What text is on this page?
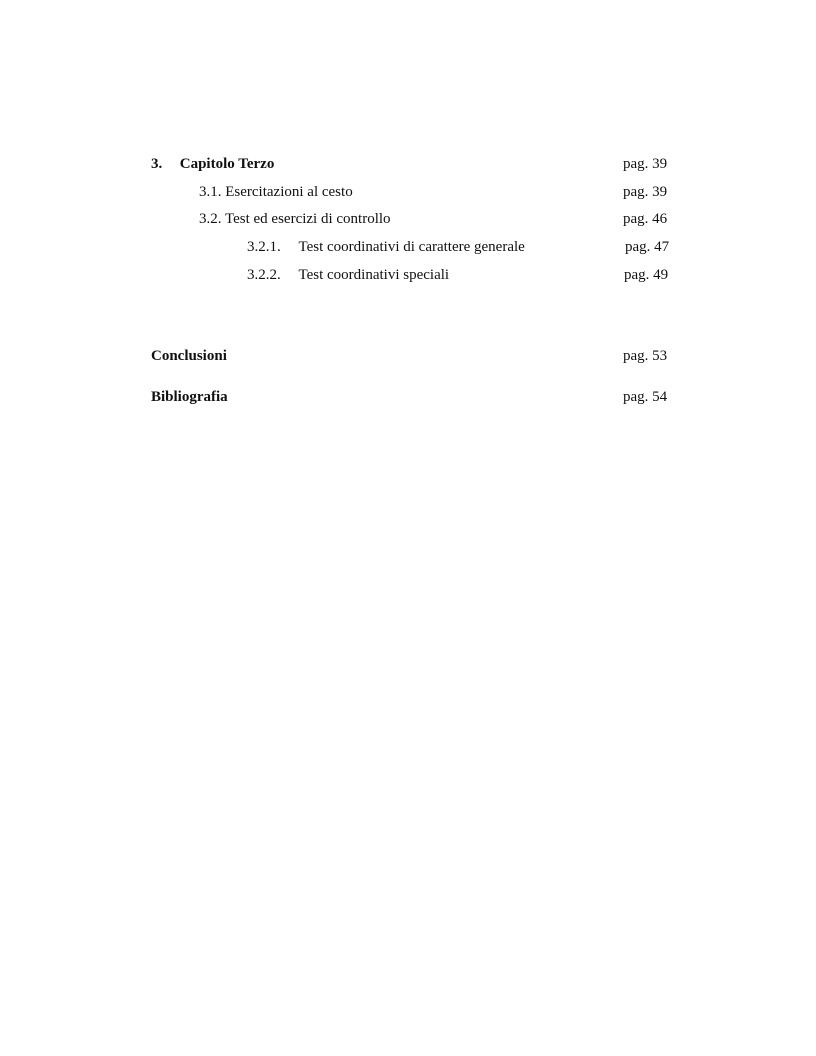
3. Capitolo Terzo	pag. 39
3.1. Esercitazioni al cesto	pag. 39
3.2. Test ed esercizi di controllo	pag. 46
3.2.1. Test coordinativi di carattere generale	pag. 47
3.2.2. Test coordinativi speciali	pag. 49
Conclusioni	pag. 53
Bibliografia	pag. 54
